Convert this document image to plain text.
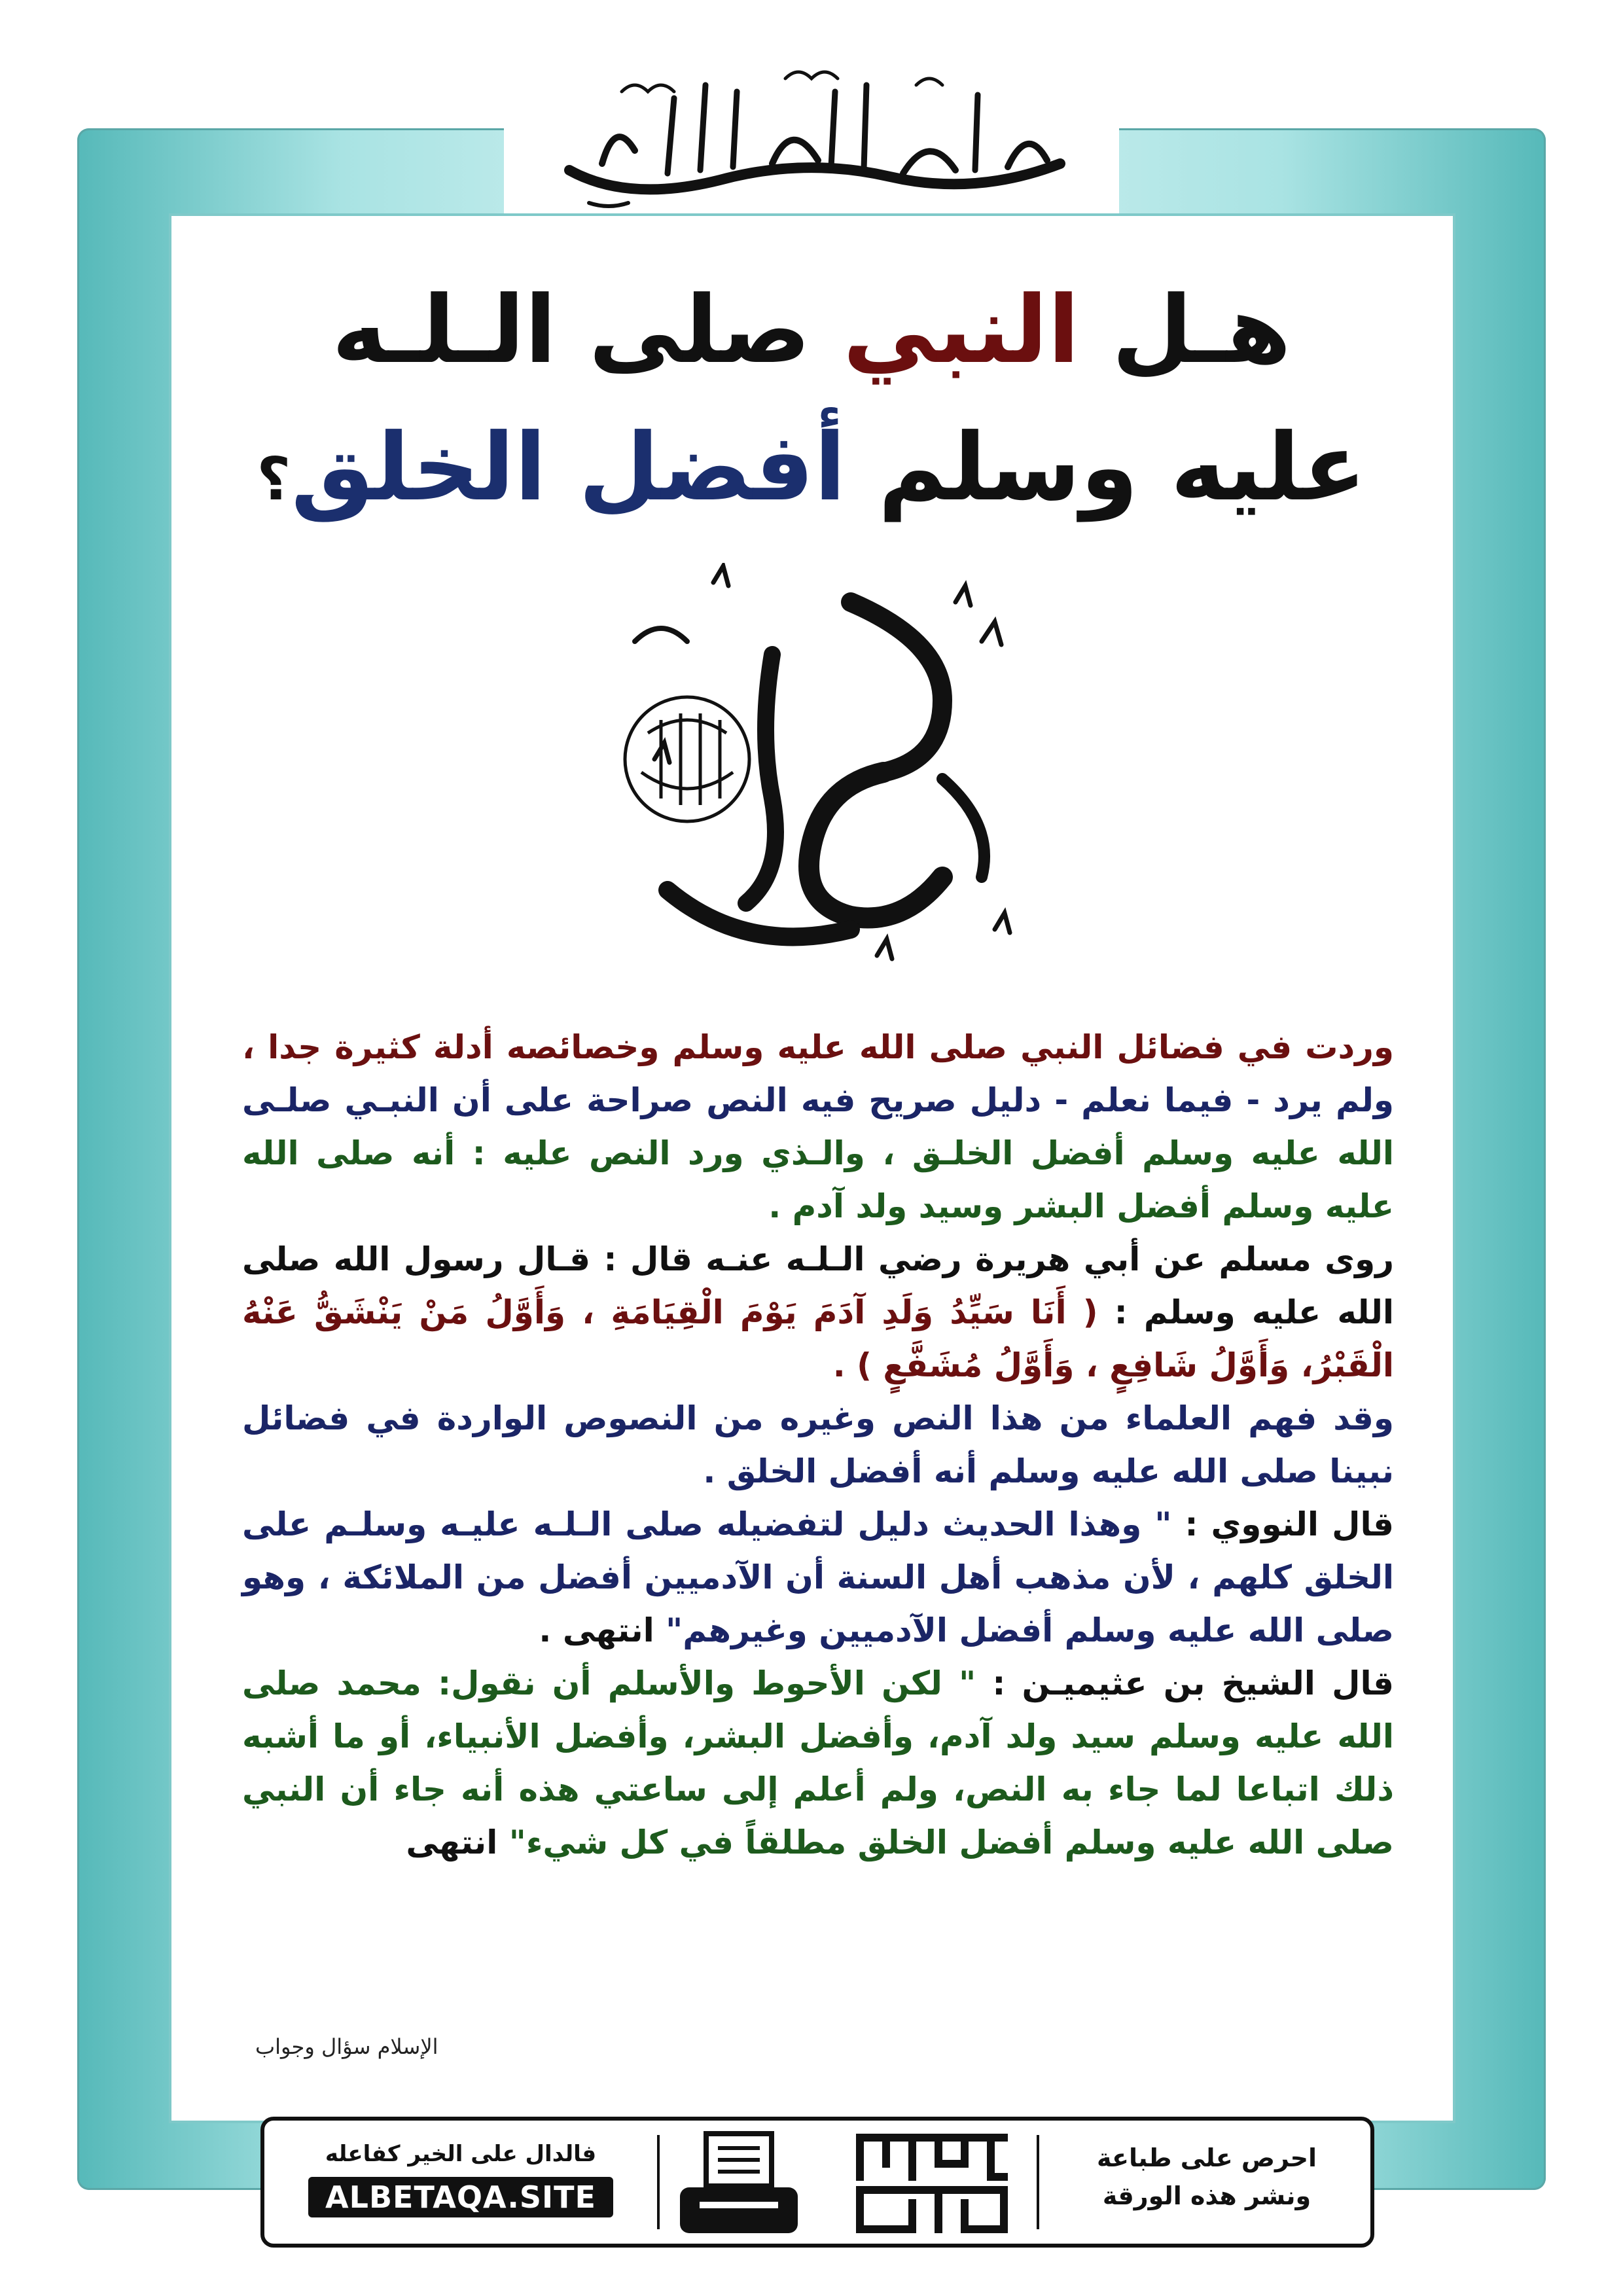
هـل النبي صلى الـلـه
عليه وسلم أفضل الخلق؟

وردت في فضائل النبي صلى الله عليه وسلم وخصائصه أدلة كثيرة جدا ، ولم يرد - فيما نعلم - دليل صريح فيه النص صراحة على أن النبـي صلـى الله عليه وسلم أفضل الخلـق ، والـذي ورد النص عليه : أنه صلى الله عليه وسلم أفضل البشر وسيد ولد آدم .

روى مسلم عن أبي هريرة رضي الـلـه عنـه قال : قـال رسول الله صلى الله عليه وسلم : ( أَنَا سَيِّدُ وَلَدِ آدَمَ يَوْمَ الْقِيَامَةِ ، وَأَوَّلُ مَنْ يَنْشَقُّ عَنْهُ الْقَبْرُ، وَأَوَّلُ شَافِعٍ ، وَأَوَّلُ مُشَفَّعٍ ) .

وقد فهم العلماء من هذا النص وغيره من النصوص الواردة في فضائل نبينا صلى الله عليه وسلم أنه أفضل الخلق .

قال النووي : " وهذا الحديث دليل لتفضيله صلى الـلـه عليـه وسلـم على الخلق كلهم ، لأن مذهب أهل السنة أن الآدميين أفضل من الملائكة ، وهو صلى الله عليه وسلم أفضل الآدميين وغيرهم" انتهى .

قال الشيخ بن عثيميـن : " لكن الأحوط والأسلم أن نقول: محمد صلى الله عليه وسلم سيد ولد آدم، وأفضل البشر، وأفضل الأنبياء، أو ما أشبه ذلك اتباعا لما جاء به النص، ولم أعلم إلى ساعتي هذه أنه جاء أن النبي صلى الله عليه وسلم أفضل الخلق مطلقاً في كل شيء" انتهى

الإسلام سؤال وجواب
احرص على طباعة
ونشر هذه الورقة
فالدال على الخير كفاعله
ALBETAQA.SITE
